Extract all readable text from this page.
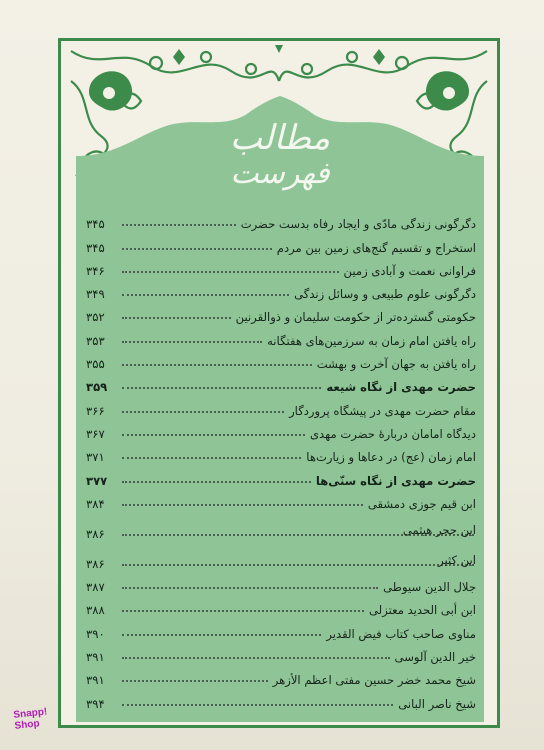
مطالب
فهرست
دگرگونی زندگی مادّی و ایجاد رفاه بدست حضرت
۳۴۵
استخراج و تقسیم گنج‌های زمین بین مردم
۳۴۵
فراوانی نعمت و آبادی زمین
۳۴۶
دگرگونی علوم طبیعی و وسائل زندگی
۳۴۹
حکومتی گسترده‌تر از حکومت سلیمان و ذوالقرنین
۳۵۲
راه یافتن امام زمان به سرزمین‌های هفتگانه
۳۵۳
راه یافتن به جهان آخرت و بهشت
۳۵۵
حضرت مهدی از نگاه شیعه
۳۵۹
مقام حضرت مهدی در پیشگاه پروردگار
۳۶۶
دیدگاه امامان دربارهٔ حضرت مهدی
۳۶۷
امام زمان (عج) در دعاها و زیارت‌ها
۳۷۱
حضرت مهدی از نگاه سنّی‌ها
۳۷۷
ابن قیم جوزی دمشقی
۳۸۴
ابن حجر هیثمی
۳۸۶
ابن کثیر
۳۸۶
جلال الدین سیوطی
۳۸۷
ابن أبی الحدید معتزلی
۳۸۸
مناوی صاحب کتاب فیض القدیر
۳۹۰
خیر الدین آلوسی
۳۹۱
شیخ محمد خضر حسین مفتی اعظم الأزهر
۳۹۱
شیخ ناصر البانی
۳۹۴
Snapp!
Shop
